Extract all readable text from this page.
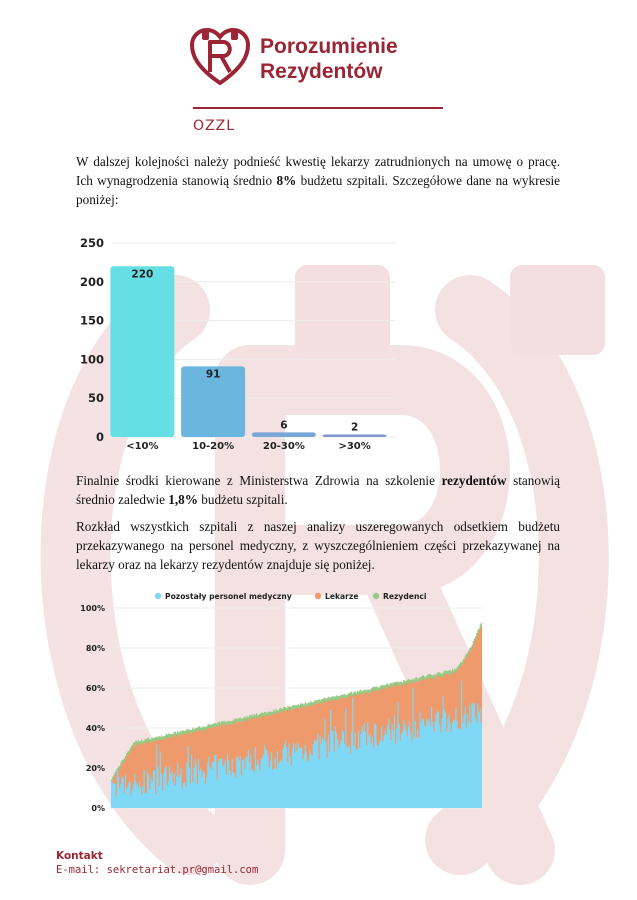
Porozumienie
Rezydentów
OZZL
W dalszej kolejności należy podnieść kwestię lekarzy zatrudnionych na umowę o pracę. Ich wynagrodzenia stanowią średnio 8% budżetu szpitali. Szczegółowe dane na wykresie poniżej:
0
50
100
150
200
250
220
<10%
91
10-20%
6
20-30%
2
>30%
Finalnie środki kierowane z Ministerstwa Zdrowia na szkolenie rezydentów stanowią średnio zaledwie 1,8% budżetu szpitali.
Rozkład wszystkich szpitali z naszej analizy uszeregowanych odsetkiem budżetu przekazywanego na personel medyczny, z wyszczególnieniem części przekazywanej na lekarzy oraz na lekarzy rezydentów znajduje się poniżej.
0%
20%
40%
60%
80%
100%
Pozostały personel medyczny	Lekarze	Rezydenci
Kontakt
E-mail: sekretariat.pr@gmail.com
